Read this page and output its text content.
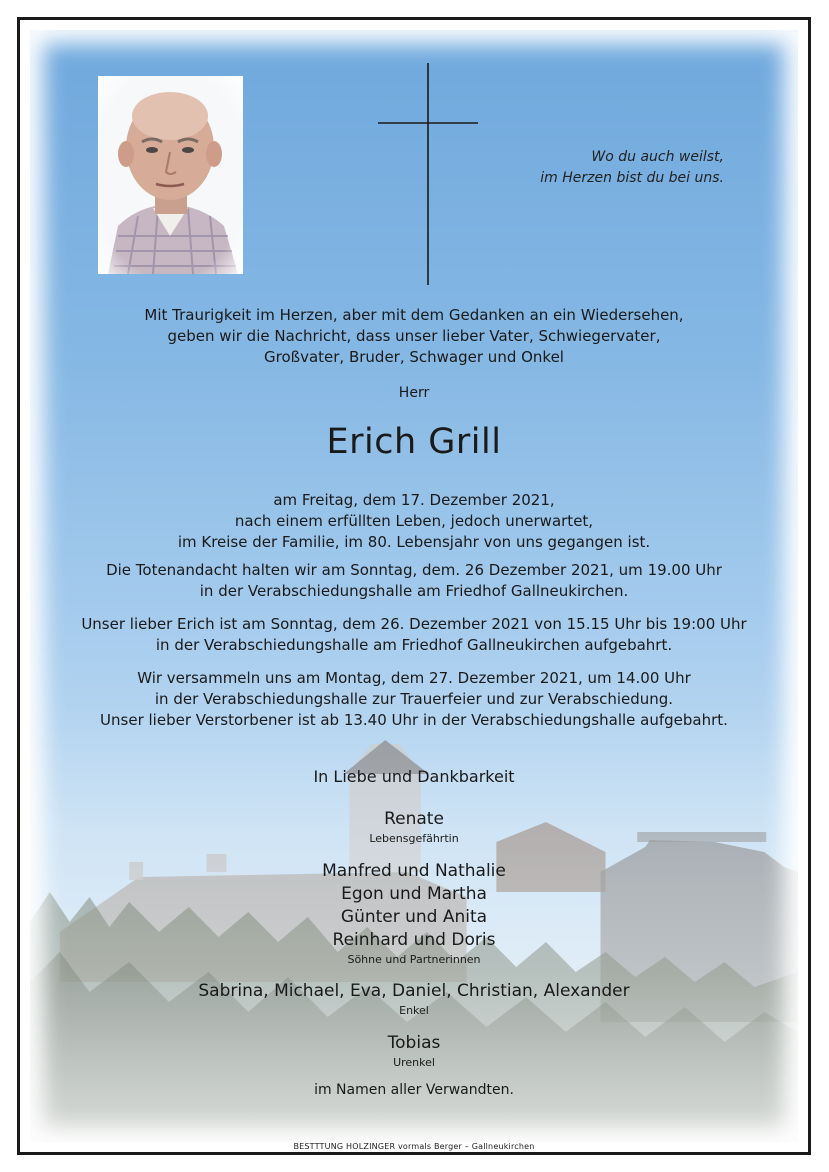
Wo du auch weilst,
im Herzen bist du bei uns.
Mit Traurigkeit im Herzen, aber mit dem Gedanken an ein Wiedersehen,
geben wir die Nachricht, dass unser lieber Vater, Schwiegervater,
Großvater, Bruder, Schwager und Onkel
Herr
Erich Grill
am Freitag, dem 17. Dezember 2021,
nach einem erfüllten Leben, jedoch unerwartet,
im Kreise der Familie, im 80. Lebensjahr von uns gegangen ist.
Die Totenandacht halten wir am Sonntag, dem. 26 Dezember 2021, um 19.00 Uhr
in der Verabschiedungshalle am Friedhof Gallneukirchen.
Unser lieber Erich ist am Sonntag, dem 26. Dezember 2021 von 15.15 Uhr bis 19:00 Uhr
in der Verabschiedungshalle am Friedhof Gallneukirchen aufgebahrt.
Wir versammeln uns am Montag, dem 27. Dezember 2021, um 14.00 Uhr
in der Verabschiedungshalle zur Trauerfeier und zur Verabschiedung.
Unser lieber Verstorbener ist ab 13.40 Uhr in der Verabschiedungshalle aufgebahrt.
In Liebe und Dankbarkeit
Renate
Lebensgefährtin
Manfred und Nathalie
Egon und Martha
Günter und Anita
Reinhard und Doris
Söhne und Partnerinnen
Sabrina, Michael, Eva, Daniel, Christian, Alexander
Enkel
Tobias
Urenkel
im Namen aller Verwandten.
BESTTTUNG HOLZINGER vormals Berger – Gallneukirchen
